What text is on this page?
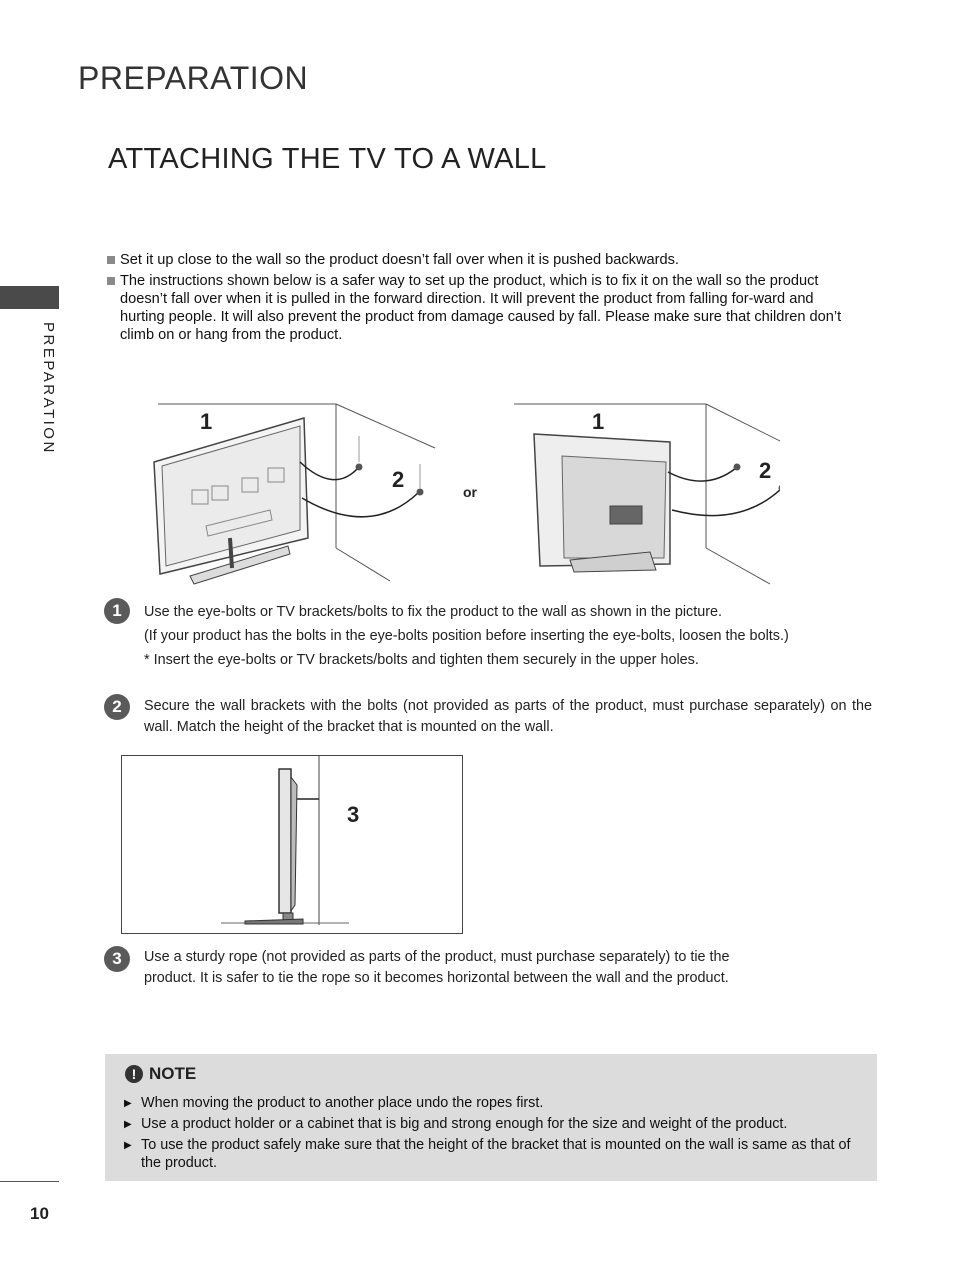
PREPARATION
ATTACHING THE TV TO A WALL
PREPARATION
Set it up close to the wall so the product doesn’t fall over when it is pushed backwards.
The instructions shown below is a safer way to set up the product, which is to fix it on the wall so the product doesn’t fall over when it is pulled in the forward direction. It will prevent the product from falling for-ward and hurting people. It will also prevent the product from damage caused by fall. Please make sure that children don’t climb on or hang from the product.
1
2	or
1
2
1	Use the eye-bolts or TV brackets/bolts to fix the product to the wall as shown in the picture.

(If your product has the bolts in the eye-bolts position before inserting the eye-bolts, loosen the bolts.)

* Insert the eye-bolts or TV brackets/bolts and tighten them securely in the upper holes.

2	Secure the wall brackets with the bolts (not provided as parts of the product, must purchase separately) on the wall. Match the height of the bracket that is mounted on the wall.
3
3	Use a sturdy rope (not provided as parts of the product, must purchase separately) to tie the product. It is safer to tie the rope so it becomes horizontal between the wall and the product.
! NOTE
▶ When moving the product to another place undo the ropes first.
▶ Use a product holder or a cabinet that is big and strong enough for the size and weight of the product.
▶ To use the product safely make sure that the height of the bracket that is mounted on the wall is same as that of the product.
10
